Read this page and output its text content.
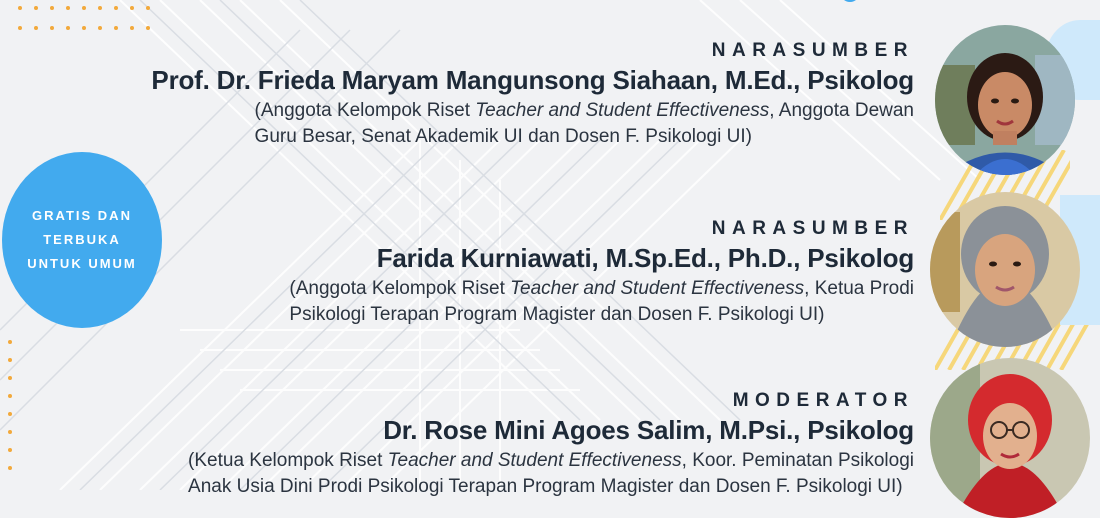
GRATIS DAN
TERBUKA
UNTUK UMUM
NARASUMBER
Prof. Dr. Frieda Maryam Mangunsong Siahaan, M.Ed., Psikolog
(Anggota Kelompok Riset Teacher and Student Effectiveness, Anggota Dewan
Guru Besar, Senat Akademik UI dan Dosen F. Psikologi UI)
NARASUMBER
Farida Kurniawati, M.Sp.Ed., Ph.D., Psikolog
(Anggota Kelompok Riset Teacher and Student Effectiveness, Ketua Prodi
Psikologi Terapan Program Magister dan Dosen F. Psikologi UI)
MODERATOR
Dr. Rose Mini Agoes Salim, M.Psi., Psikolog
(Ketua Kelompok Riset Teacher and Student Effectiveness, Koor. Peminatan Psikologi
Anak Usia Dini Prodi Psikologi Terapan Program Magister dan Dosen F. Psikologi UI)
